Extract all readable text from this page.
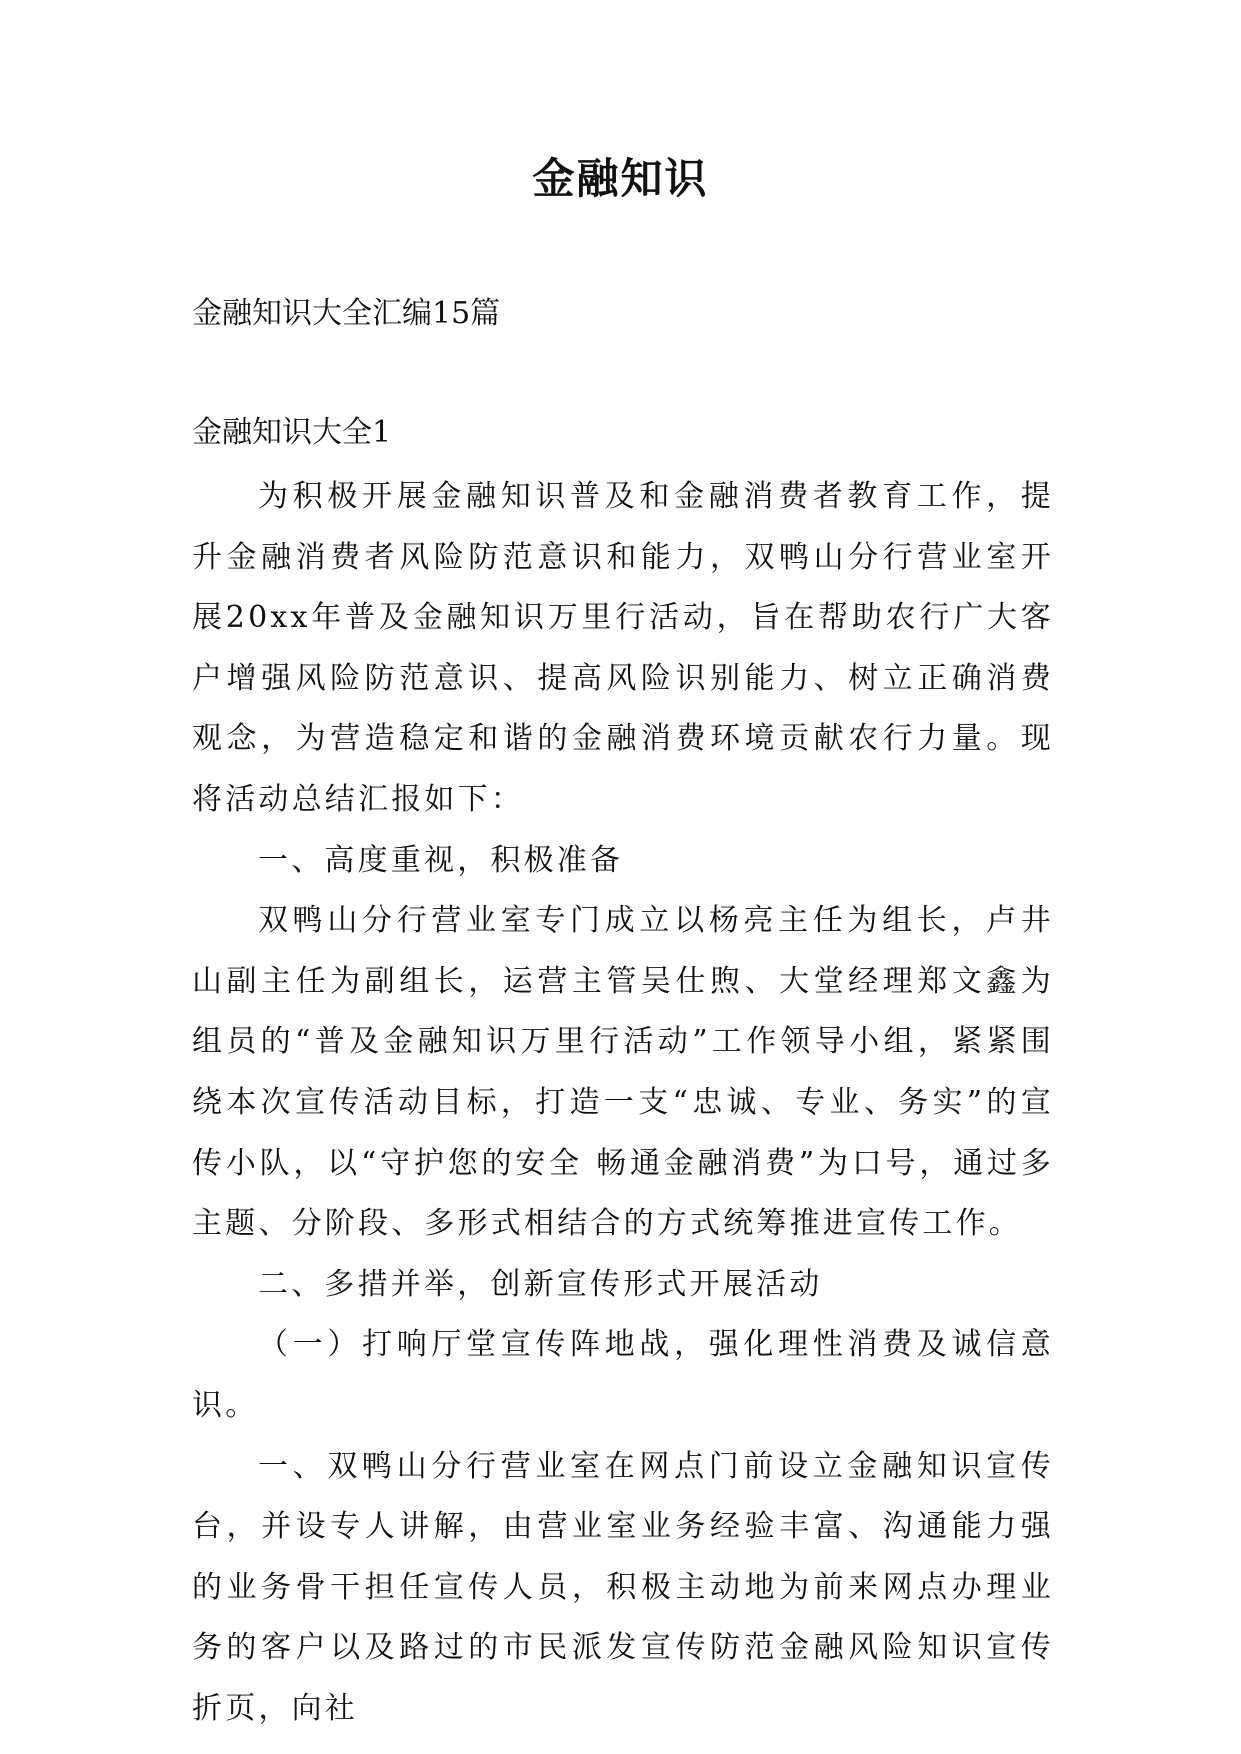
金融知识
金融知识大全汇编15篇
金融知识大全1

为积极开展金融知识普及和金融消费者教育工作，提升金融消费者风险防范意识和能力，双鸭山分行营业室开展20xx年普及金融知识万里行活动，旨在帮助农行广大客户增强风险防范意识、提高风险识别能力、树立正确消费观念，为营造稳定和谐的金融消费环境贡献农行力量。现将活动总结汇报如下：

一、高度重视，积极准备

双鸭山分行营业室专门成立以杨亮主任为组长，卢井山副主任为副组长，运营主管吴仕煦、大堂经理郑文鑫为组员的“普及金融知识万里行活动”工作领导小组，紧紧围绕本次宣传活动目标，打造一支“忠诚、专业、务实”的宣传小队，以“守护您的安全 畅通金融消费”为口号，通过多主题、分阶段、多形式相结合的方式统筹推进宣传工作。

二、多措并举，创新宣传形式开展活动

（一）打响厅堂宣传阵地战，强化理性消费及诚信意识。

一、双鸭山分行营业室在网点门前设立金融知识宣传台，并设专人讲解，由营业室业务经验丰富、沟通能力强的业务骨干担任宣传人员，积极主动地为前来网点办理业务的客户以及路过的市民派发宣传防范金融风险知识宣传折页，向社
